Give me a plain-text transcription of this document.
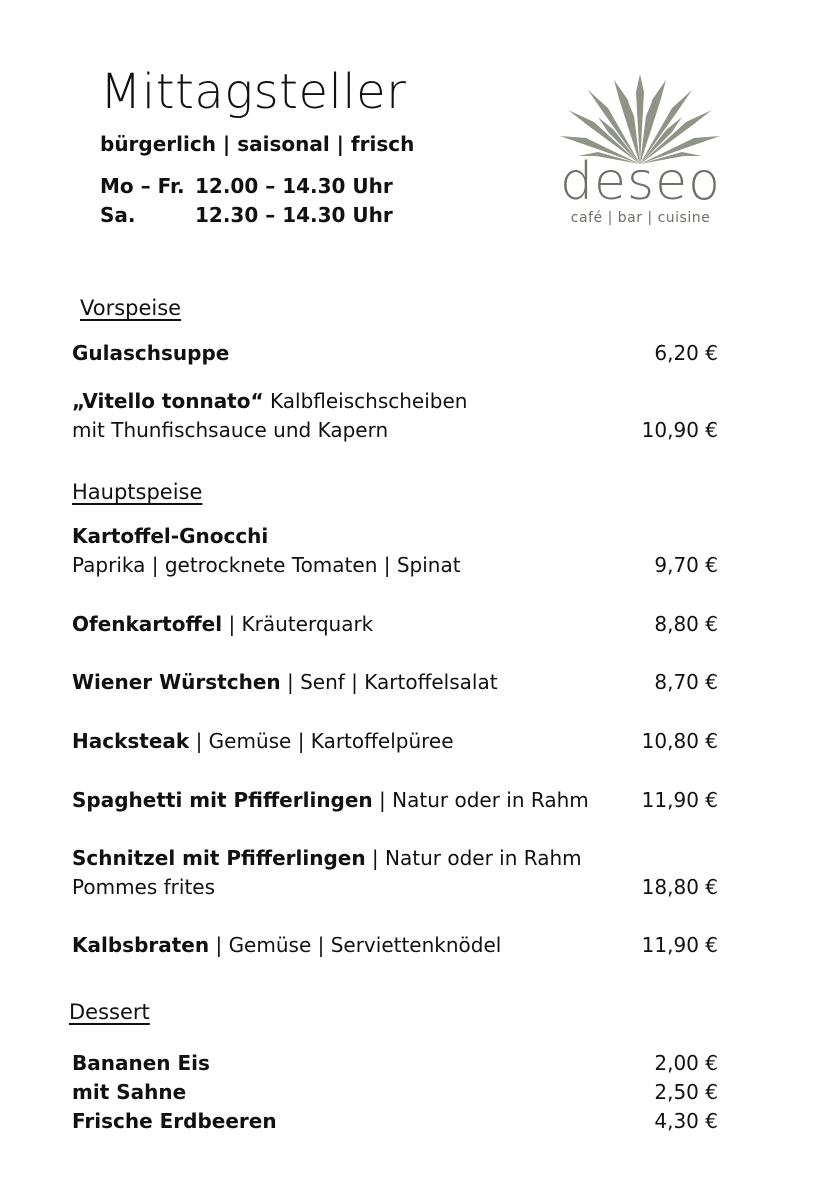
Mittagsteller
bürgerlich | saisonal | frisch
Mo – Fr. 12.00 – 14.30 Uhr
Sa.	12.30 – 14.30 Uhr
deseo
café | bar | cuisine
Vorspeise
Gulaschsuppe	6,20 €
„Vitello tonnato“ Kalbfleischscheiben
mit Thunfischsauce und Kapern	10,90 €
Hauptspeise
Kartoffel-Gnocchi
Paprika | getrocknete Tomaten | Spinat	9,70 €
Ofenkartoffel | Kräuterquark	8,80 €
Wiener Würstchen | Senf | Kartoffelsalat	8,70 €
Hacksteak | Gemüse | Kartoffelpüree	10,80 €
Spaghetti mit Pfifferlingen | Natur oder in Rahm	11,90 €
Schnitzel mit Pfifferlingen | Natur oder in Rahm
Pommes frites	18,80 €
Kalbsbraten | Gemüse | Serviettenknödel	11,90 €
Dessert
Bananen Eis	2,00 €
mit Sahne	2,50 €
Frische Erdbeeren	4,30 €
